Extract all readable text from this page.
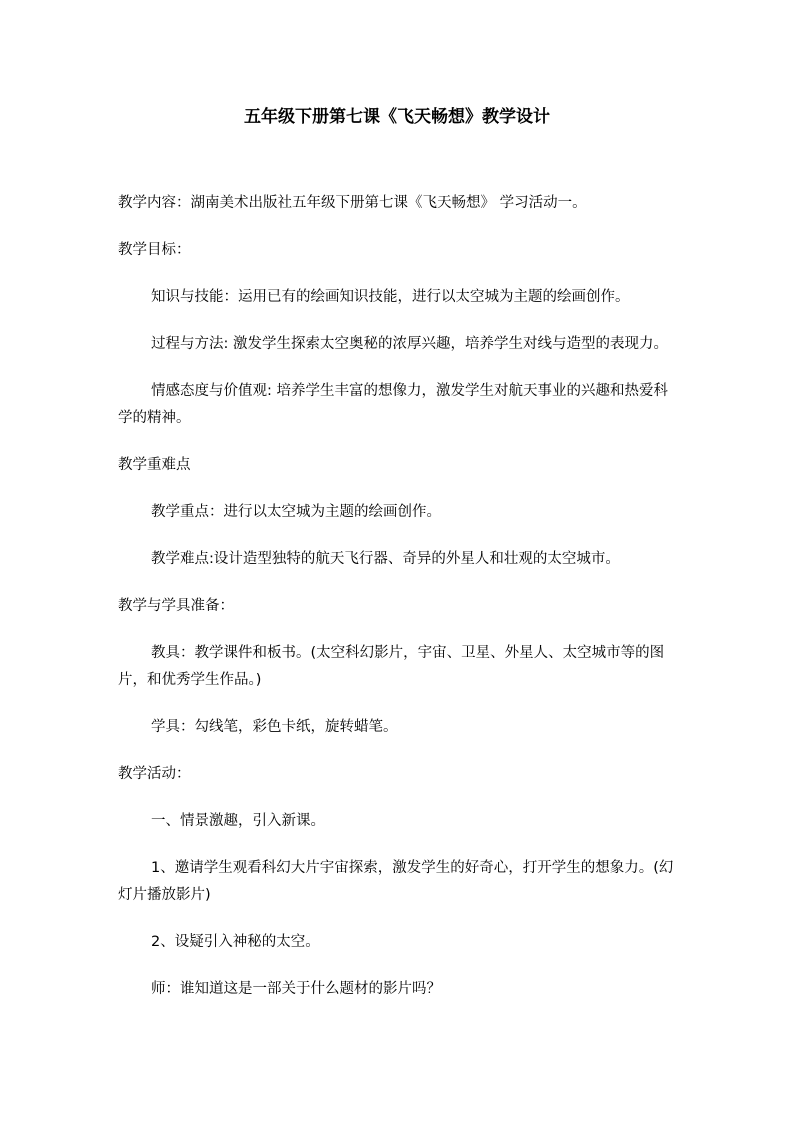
五年级下册第七课《飞天畅想》教学设计

教学内容：湖南美术出版社五年级下册第七课《飞天畅想》 学习活动一。

教学目标：

知识与技能：运用已有的绘画知识技能，进行以太空城为主题的绘画创作。

过程与方法: 激发学生探索太空奥秘的浓厚兴趣，培养学生对线与造型的表现力。

情感态度与价值观: 培养学生丰富的想像力，激发学生对航天事业的兴趣和热爱科学的精神。

教学重难点

教学重点：进行以太空城为主题的绘画创作。

教学难点:设计造型独特的航天飞行器、奇异的外星人和壮观的太空城市。

教学与学具准备：

教具：教学课件和板书。(太空科幻影片，宇宙、卫星、外星人、太空城市等的图片，和优秀学生作品。)

学具：勾线笔，彩色卡纸，旋转蜡笔。

教学活动：

一、情景激趣，引入新课。

1、邀请学生观看科幻大片宇宙探索，激发学生的好奇心，打开学生的想象力。(幻灯片播放影片)

2、设疑引入神秘的太空。

师：谁知道这是一部关于什么题材的影片吗？
